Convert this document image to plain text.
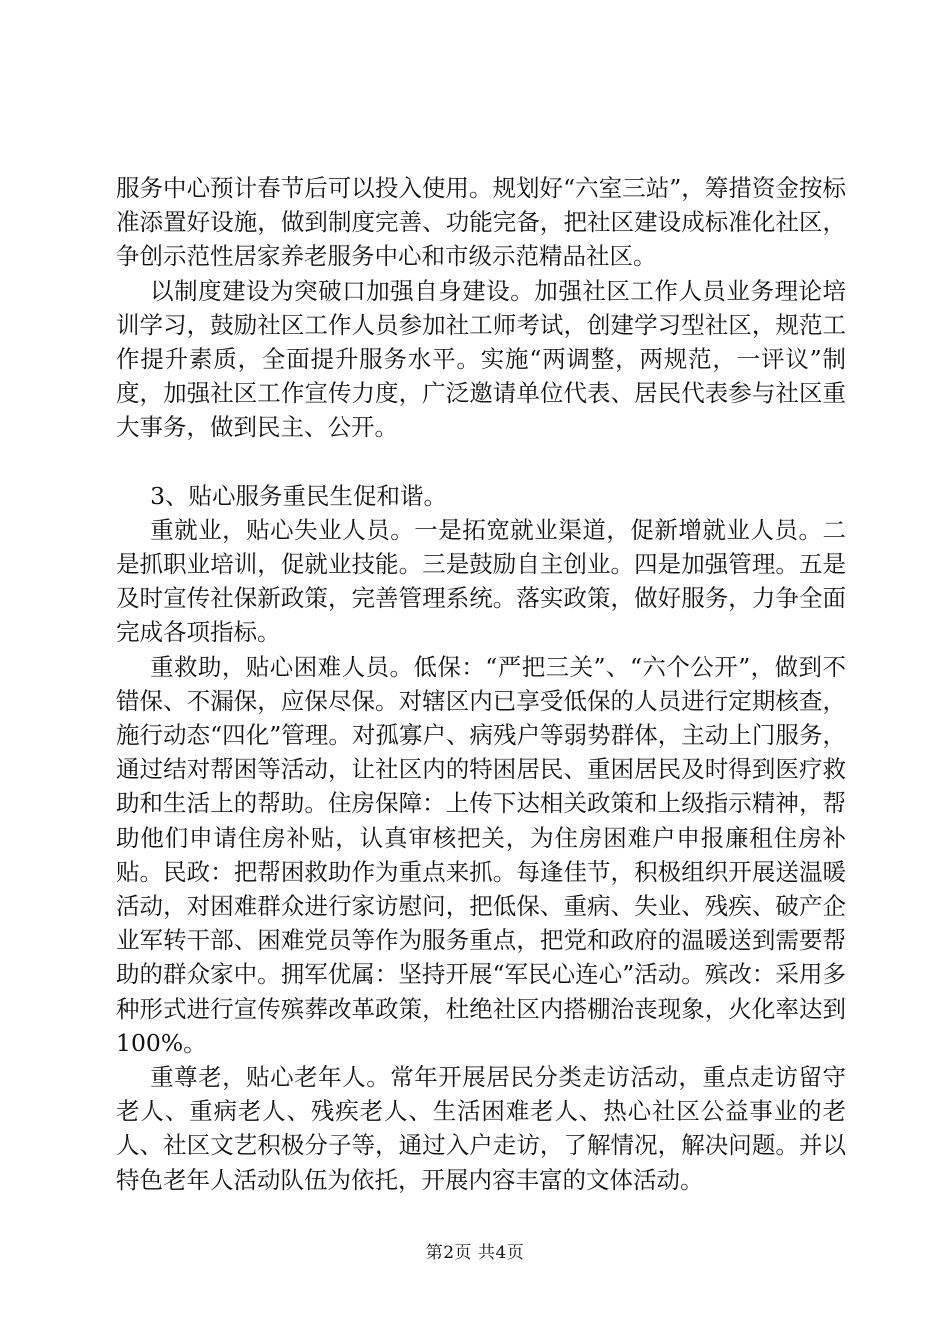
服务中心预计春节后可以投入使用。规划好“六室三站”，筹措资金按标准添置好设施，做到制度完善、功能完备，把社区建设成标准化社区，争创示范性居家养老服务中心和市级示范精品社区。

以制度建设为突破口加强自身建设。加强社区工作人员业务理论培训学习，鼓励社区工作人员参加社工师考试，创建学习型社区，规范工作提升素质，全面提升服务水平。实施“两调整，两规范，一评议”制度，加强社区工作宣传力度，广泛邀请单位代表、居民代表参与社区重大事务，做到民主、公开。

3、贴心服务重民生促和谐。

重就业，贴心失业人员。一是拓宽就业渠道，促新增就业人员。二是抓职业培训，促就业技能。三是鼓励自主创业。四是加强管理。五是及时宣传社保新政策，完善管理系统。落实政策，做好服务，力争全面完成各项指标。

重救助，贴心困难人员。低保：“严把三关”、“六个公开”，做到不错保、不漏保，应保尽保。对辖区内已享受低保的人员进行定期核查，施行动态“四化”管理。对孤寡户、病残户等弱势群体，主动上门服务，通过结对帮困等活动，让社区内的特困居民、重困居民及时得到医疗救助和生活上的帮助。住房保障：上传下达相关政策和上级指示精神，帮助他们申请住房补贴，认真审核把关，为住房困难户申报廉租住房补贴。民政：把帮困救助作为重点来抓。每逢佳节，积极组织开展送温暖活动，对困难群众进行家访慰问，把低保、重病、失业、残疾、破产企业军转干部、困难党员等作为服务重点，把党和政府的温暖送到需要帮助的群众家中。拥军优属：坚持开展“军民心连心”活动。殡改：采用多种形式进行宣传殡葬改革政策，杜绝社区内搭棚治丧现象，火化率达到100%。

重尊老，贴心老年人。常年开展居民分类走访活动，重点走访留守老人、重病老人、残疾老人、生活困难老人、热心社区公益事业的老人、社区文艺积极分子等，通过入户走访，了解情况，解决问题。并以特色老年人活动队伍为依托，开展内容丰富的文体活动。

第2页 共4页
